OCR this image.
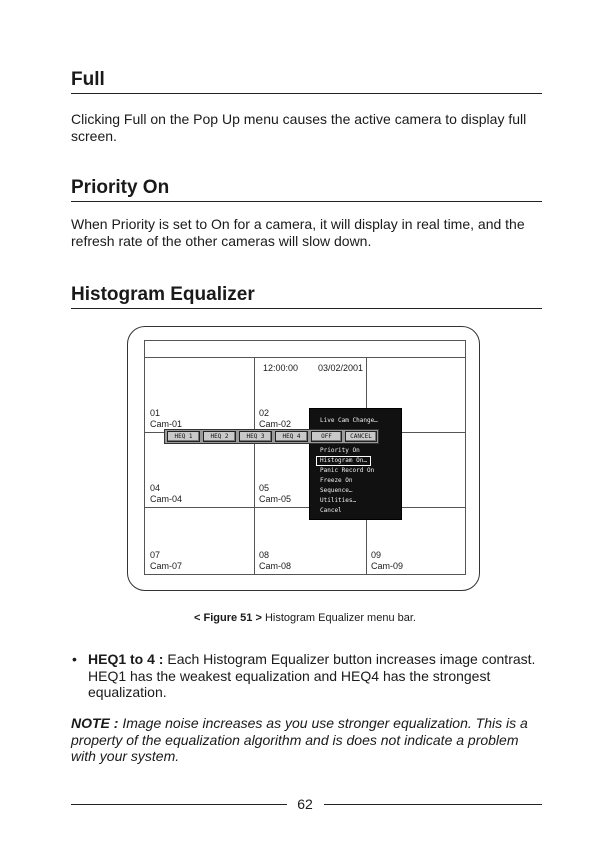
Full
Clicking Full on the Pop Up menu causes the active camera to display full screen.
Priority On
When Priority is set to On for a camera, it will display in real time, and the refresh rate of the other cameras will slow down.
Histogram Equalizer
12:00:00 03/02/2001
01
Cam-01
02
Cam-02
04
Cam-04
05
Cam-05
07
Cam-07
08
Cam-08
09
Cam-09
Live Cam Change…
Priority On
Histogram On…
Panic Record On
Freeze On
Sequence…
Utilities…
Cancel
HEQ 1	HEQ 2	HEQ 3	HEQ 4	OFF	CANCEL
< Figure 51 > Histogram Equalizer menu bar.
• HEQ1 to 4 : Each Histogram Equalizer button increases image contrast. HEQ1 has the weakest equalization and HEQ4 has the strongest equalization.
NOTE : Image noise increases as you use stronger equalization. This is a property of the equalization algorithm and is does not indicate a problem with your system.
62
